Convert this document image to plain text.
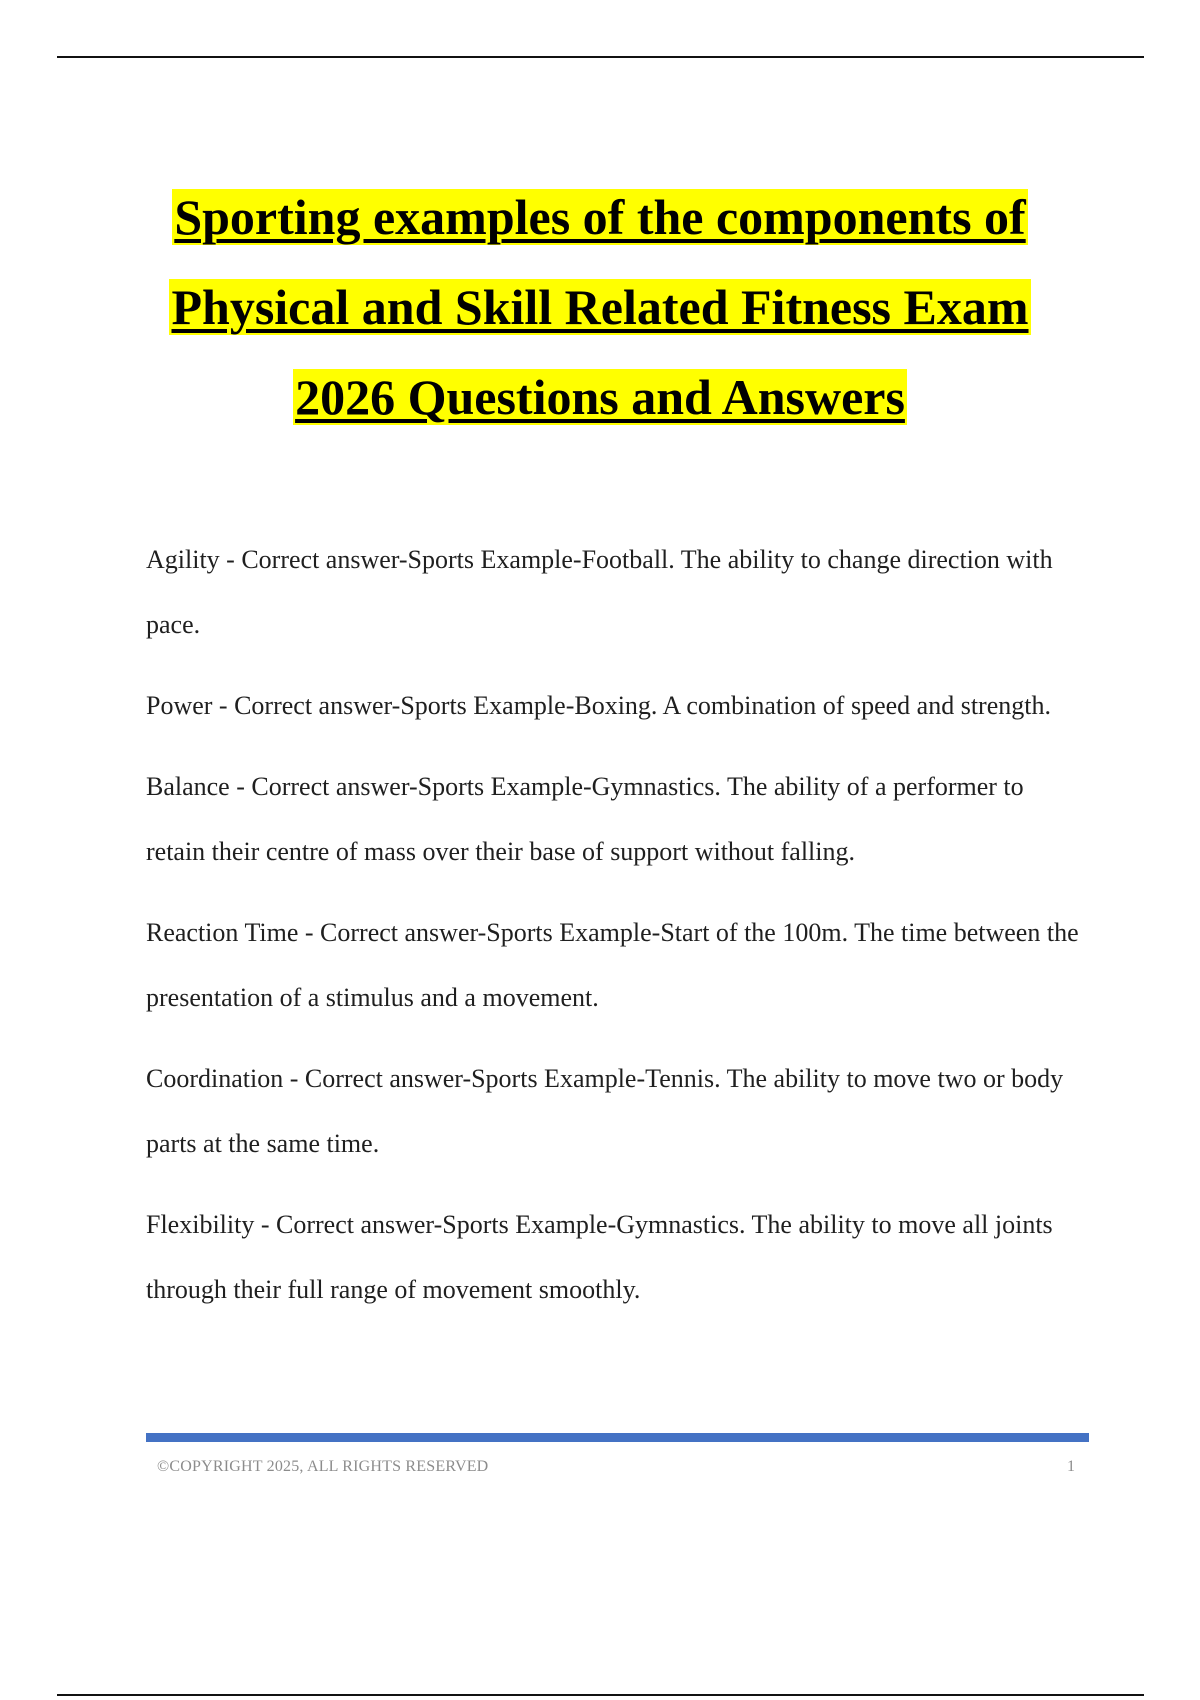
Sporting examples of the components of
Physical and Skill Related Fitness Exam
2026 Questions and Answers

Agility - Correct answer-Sports Example-Football. The ability to change direction with pace.

Power - Correct answer-Sports Example-Boxing. A combination of speed and strength.

Balance - Correct answer-Sports Example-Gymnastics. The ability of a performer to retain their centre of mass over their base of support without falling.

Reaction Time - Correct answer-Sports Example-Start of the 100m. The time between the presentation of a stimulus and a movement.

Coordination - Correct answer-Sports Example-Tennis. The ability to move two or body parts at the same time.

Flexibility - Correct answer-Sports Example-Gymnastics. The ability to move all joints through their full range of movement smoothly.

©COPYRIGHT 2025, ALL RIGHTS RESERVED	1
